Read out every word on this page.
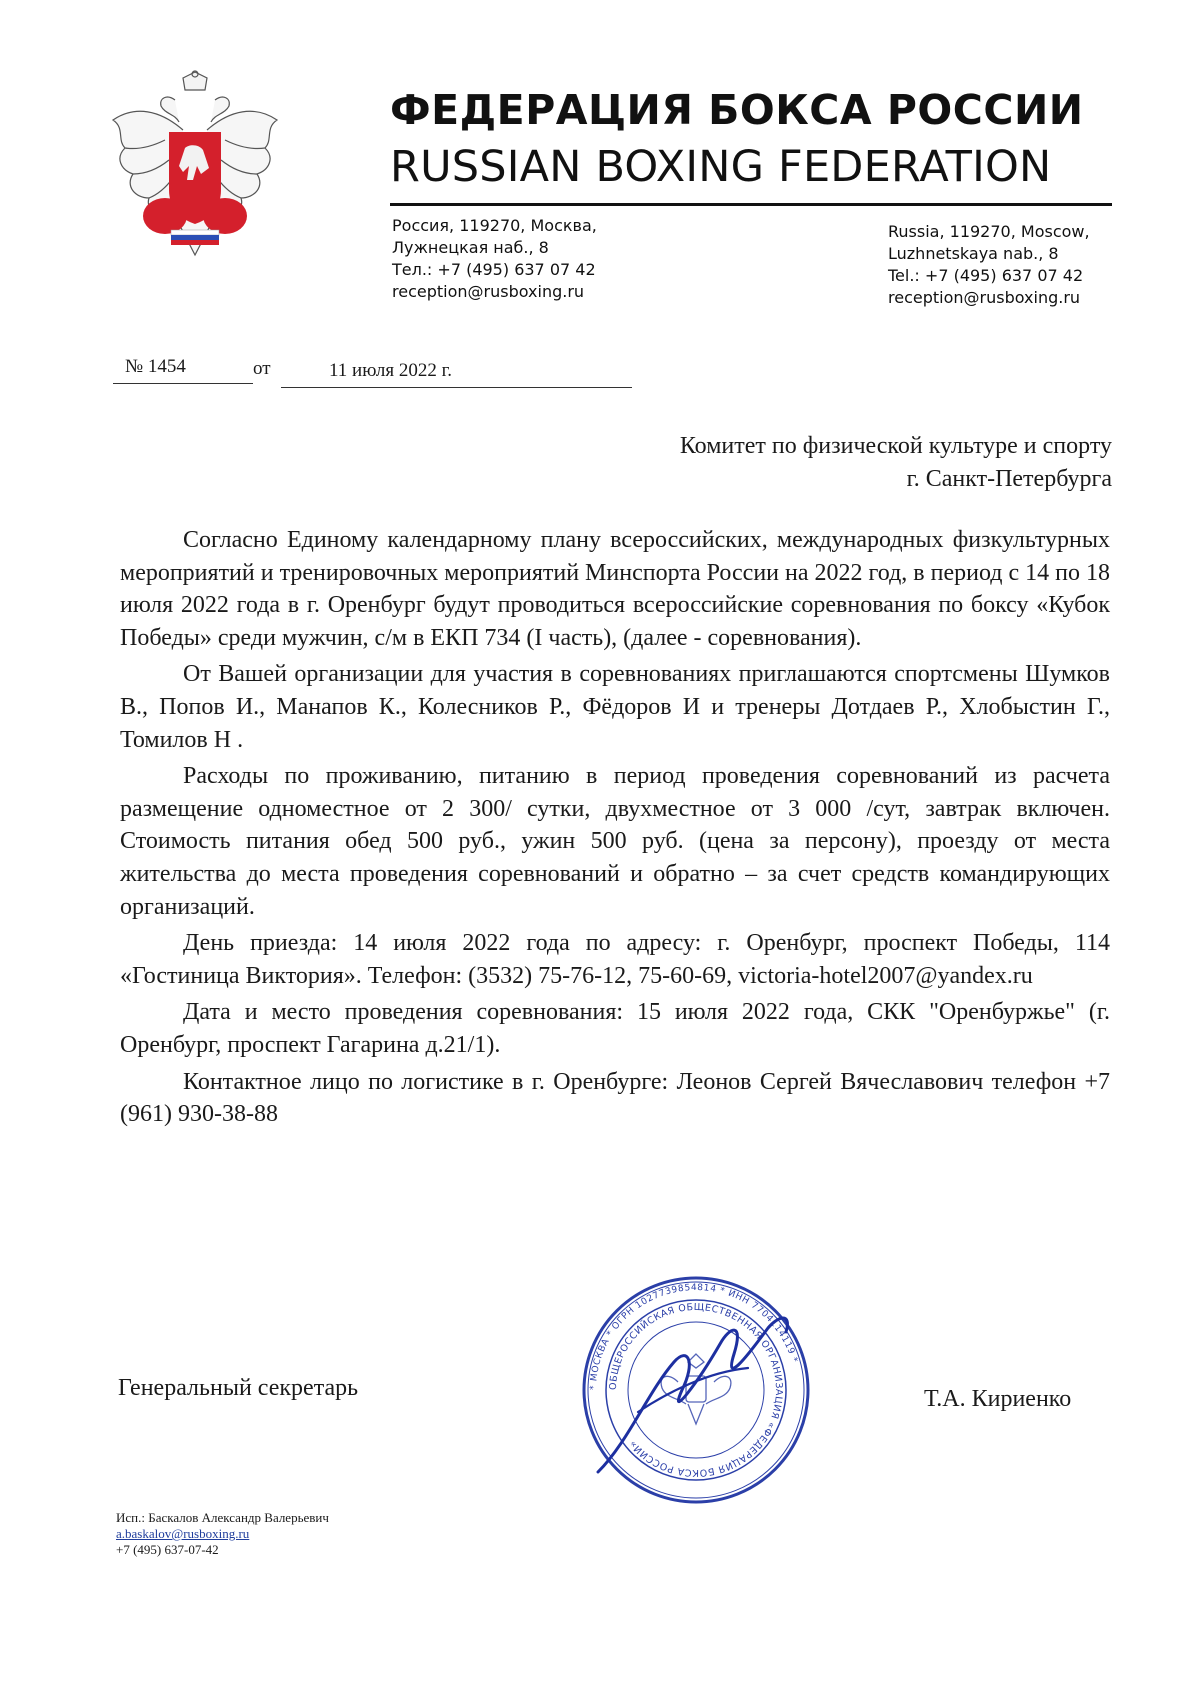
ФЕДЕРАЦИЯ БОКСА РОССИИ
RUSSIAN BOXING FEDERATION
Россия, 119270, Москва,
Лужнецкая наб., 8
Тел.: +7 (495) 637 07 42
reception@rusboxing.ru
Russia, 119270, Moscow,
Luzhnetskaya nab., 8
Tel.: +7 (495) 637 07 42
reception@rusboxing.ru
№ 1454	от	11 июля 2022 г.
Комитет по физической культуре и спорту
г. Санкт-Петербурга

Согласно Единому календарному плану всероссийских, международных физкультурных мероприятий и тренировочных мероприятий Минспорта России на 2022 год, в период с 14 по 18 июля 2022 года в г. Оренбург будут проводиться всероссийские соревнования по боксу «Кубок Победы» среди мужчин, с/м в ЕКП 734 (I часть), (далее - соревнования).

От Вашей организации для участия в соревнованиях приглашаются спортсмены Шумков В., Попов И., Манапов К., Колесников Р., Фёдоров И и тренеры Дотдаев Р., Хлобыстин Г., Томилов Н .

Расходы по проживанию, питанию в период проведения соревнований из расчета размещение одноместное от 2 300/ сутки, двухместное от 3 000 /сут, завтрак включен. Стоимость питания обед 500 руб., ужин 500 руб. (цена за персону), проезду от места жительства до места проведения соревнований и обратно – за счет средств командирующих организаций.

День приезда: 14 июля 2022 года по адресу: г. Оренбург, проспект Победы, 114 «Гостиница Виктория». Телефон: (3532) 75-76-12, 75-60-69, victoria-hotel2007@yandex.ru

Дата и место проведения соревнования: 15 июля 2022 года, СКК "Оренбуржье" (г. Оренбург, проспект Гагарина д.21/1).

Контактное лицо по логистике в г. Оренбурге: Леонов Сергей Вячеславович телефон +7 (961) 930-38-88

Генеральный секретарь	* МОСКВА * ОГРН 1027739854814 * ИНН 7704114119 *
ОБЩЕРОССИЙСКАЯ ОБЩЕСТВЕННАЯ ОРГАНИЗАЦИЯ «ФЕДЕРАЦИЯ БОКСА РОССИИ»
Т.А. Кириенко
Исп.: Баскалов Александр Валерьевич
a.baskalov@rusboxing.ru
+7 (495) 637-07-42
